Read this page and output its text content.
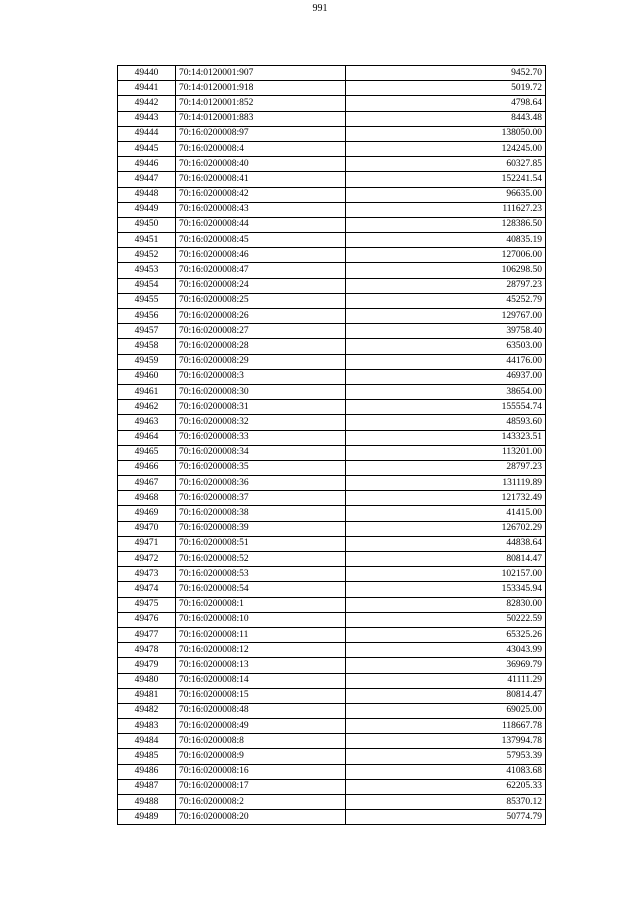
991
49440	70:14:0120001:907	9452.70
49441	70:14:0120001:918	5019.72
49442	70:14:0120001:852	4798.64
49443	70:14:0120001:883	8443.48
49444	70:16:0200008:97	138050.00
49445	70:16:0200008:4	124245.00
49446	70:16:0200008:40	60327.85
49447	70:16:0200008:41	152241.54
49448	70:16:0200008:42	96635.00
49449	70:16:0200008:43	111627.23
49450	70:16:0200008:44	128386.50
49451	70:16:0200008:45	40835.19
49452	70:16:0200008:46	127006.00
49453	70:16:0200008:47	106298.50
49454	70:16:0200008:24	28797.23
49455	70:16:0200008:25	45252.79
49456	70:16:0200008:26	129767.00
49457	70:16:0200008:27	39758.40
49458	70:16:0200008:28	63503.00
49459	70:16:0200008:29	44176.00
49460	70:16:0200008:3	46937.00
49461	70:16:0200008:30	38654.00
49462	70:16:0200008:31	155554.74
49463	70:16:0200008:32	48593.60
49464	70:16:0200008:33	143323.51
49465	70:16:0200008:34	113201.00
49466	70:16:0200008:35	28797.23
49467	70:16:0200008:36	131119.89
49468	70:16:0200008:37	121732.49
49469	70:16:0200008:38	41415.00
49470	70:16:0200008:39	126702.29
49471	70:16:0200008:51	44838.64
49472	70:16:0200008:52	80814.47
49473	70:16:0200008:53	102157.00
49474	70:16:0200008:54	153345.94
49475	70:16:0200008:1	82830.00
49476	70:16:0200008:10	50222.59
49477	70:16:0200008:11	65325.26
49478	70:16:0200008:12	43043.99
49479	70:16:0200008:13	36969.79
49480	70:16:0200008:14	41111.29
49481	70:16:0200008:15	80814.47
49482	70:16:0200008:48	69025.00
49483	70:16:0200008:49	118667.78
49484	70:16:0200008:8	137994.78
49485	70:16:0200008:9	57953.39
49486	70:16:0200008:16	41083.68
49487	70:16:0200008:17	62205.33
49488	70:16:0200008:2	85370.12
49489	70:16:0200008:20	50774.79
